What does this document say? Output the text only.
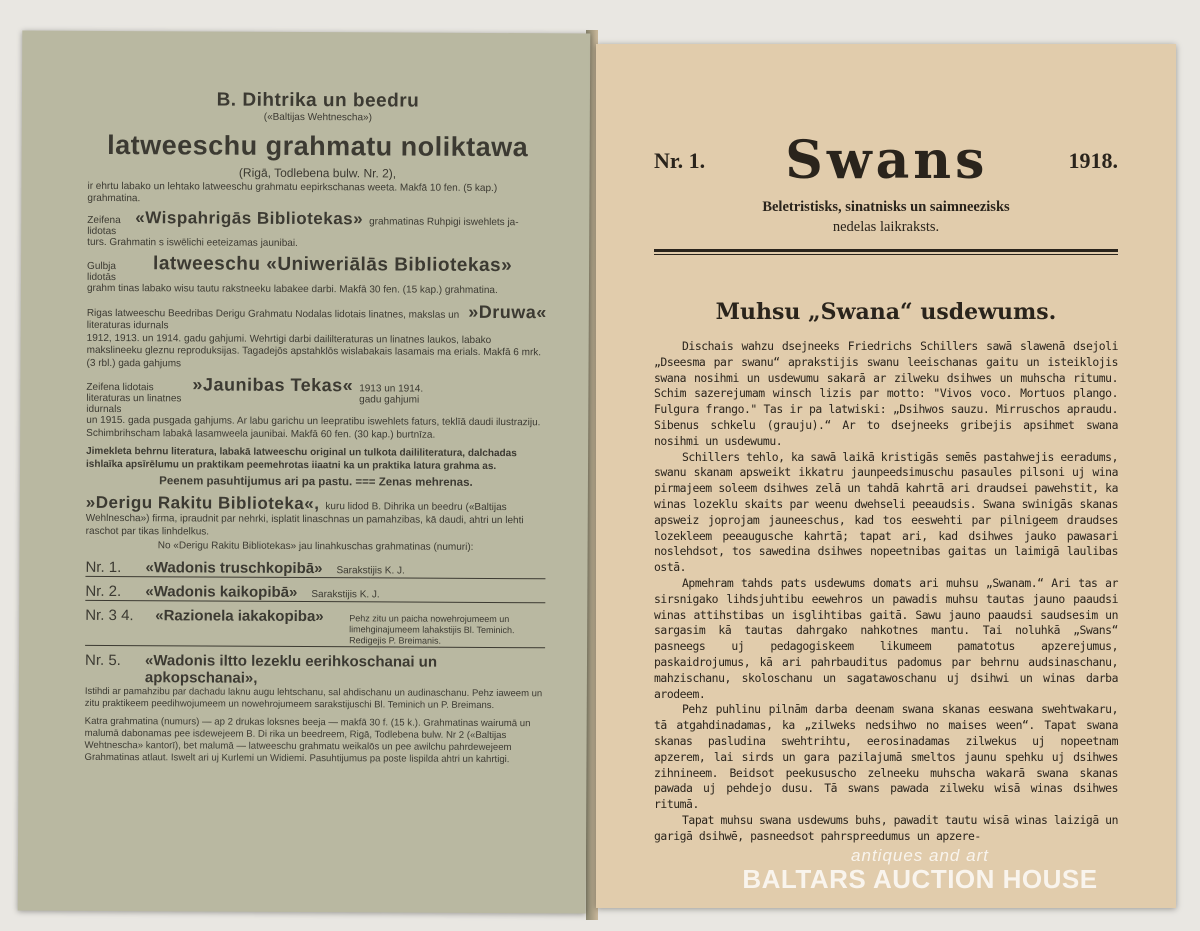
B. Dihtrika un beedru
(«Baltijas Wehtnescha»)
latweeschu grahmatu noliktawa
(Rigā, Todlebena bulw. Nr. 2),
ir ehrtu labako un lehtako latweeschu grahmatu eepirkschanas weeta. Makfā 10 fen. (5 kap.) grahmatina.
Zeifena lidotas
«Wispahrigās Bibliotekas» grahmatinas Ruhpigi iswehlets ja-
turs. Grahmatin s iswēlichi eeteizamas jaunibai.
Gulbja lidotās
latweeschu «Uniweriālās Bibliotekas»
grahm tinas labako wisu tautu rakstneeku labakee darbi. Makfā 30 fen. (15 kap.) grahmatina.
Rigas latweeschu Beedribas Derigu Grahmatu Nodalas lidotais linatnes, makslas un literaturas idurnals
»Druwa«
1912, 1913. un 1914. gadu gahjumi. Wehrtigi darbi daililteraturas un linatnes laukos, labako makslineeku gleznu reproduksijas. Tagadejōs apstahklōs wislabakais lasamais ma erials. Makfā 6 mrk. (3 rbl.) gada gahjums
Zeifena lidotais literaturas un linatnes idurnals
»Jaunibas Tekas« 1913 un 1914. gadu gahjumi
un 1915. gada pusgada gahjums. Ar labu garichu un leepratibu iswehlets faturs, teklīā daudi ilustraziju. Schimbrihscham labakā lasamweela jaunibai. Makfā 60 fen. (30 kap.) burtnīza.
Jimekleta behrnu literatura, labakā latweeschu original un tulkota daililiteratura, dalchadas ishlaīka apsīrēlumu un praktikam peemehrotas iiaatni ka un praktika latura grahma as.
Peenem pasuhtijumus ari pa pastu. === Zenas mehrenas.
»Derigu Rakitu Biblioteka«, kuru lidod B. Dihrika un beedru («Baltijas
Wehlnescha») firma, ipraudnit par nehrki, isplatit linaschnas un pamahzibas, kā daudi, ahtri un lehti raschot par tikas linhdelkus.
No «Derigu Rakitu Bibliotekas» jau linahkuschas grahmatinas (numuri):
Nr. 1.	«Wadonis truschkopibā» Sarakstijis K. J.
Nr. 2.	«Wadonis kaikopibā» Sarakstijis K. J.
Nr. 3 4.	«Razionela iakakopiba»	Pehz zitu un paicha nowehrojumeem un limehginajumeem lahakstijis Bl. Teminich. Redigejis P. Breimanis.
Nr. 5.	«Wadonis iltto lezeklu eerihkoschanai un apkopschanai»,
Istihdi ar pamahzibu par dachadu laknu augu lehtschanu, sal ahdischanu un audinaschanu. Pehz iaweem un zitu praktikeem peedihwojumeem un nowehrojumeem sarakstijuschi Bl. Teminich un P. Breimans.
Katra grahmatina (numurs) — ap 2 drukas loksnes beeja — makfā 30 f. (15 k.). Grahmatinas wairumā un malumā dabonamas pee isdewejeem B. Di rika un beedreem, Rigā, Todlebena bulw. Nr 2 («Baltijas Wehtnescha» kantorī), bet malumā — latweeschu grahmatu weikalōs un pee awilchu pahrdewejeem Grahmatinas atlaut. Iswelt ari uj Kurlemi un Widiemi. Pasuhtijumus pa poste lispilda ahtri un kahrtigi.
Nr. 1. Swans	1918.
Beletristisks, sinatnisks un saimneezisks
nedelas laikraksts.
Muhsu „Swana“ usdewums.

Dischais wahzu dsejneeks Friedrichs Schillers sawā slawenā dsejoli „Dseesma par swanu“ aprakstijis swanu leeischanas gaitu un isteiklojis swana nosihmi un usdewumu sakarā ar zilweku dsihwes un muhscha ritumu. Schim sazerejumam winsch lizis par motto: "Vivos voco. Mortuos plango. Fulgura frango." Tas ir pa latwiski: „Dsihwos sauzu. Mirruschos apraudu. Sibenus schkelu (grauju).“ Ar to dsejneeks gribejis apsihmet swana nosihmi un usdewumu.

Schillers tehlo, ka sawā laikā kristigās semēs pastahwejis eeradums, swanu skanam apsweikt ikkatru jaunpeedsimuschu pasaules pilsoni uj wina pirmajeem soleem dsihwes zelā un tahdā kahrtā ari draudsei pawehstit, ka winas lozeklu skaits par weenu dwehseli peeaudsis. Swana swinigās skanas apsweiz joprojam jauneeschus, kad tos eeswehti par pilnigeem draudses lozekleem peeaugusche kahrtā; tapat ari, kad dsihwes jauko pawasari noslehdsot, tos sawedina dsihwes nopeetnibas gaitas un laimigā laulibas ostā.

Apmehram tahds pats usdewums domats ari muhsu „Swanam.“ Ari tas ar sirsnigako lihdsjuhtibu eewehros un pawadis muhsu tautas jauno paaudsi winas attihstibas un isglihtibas gaitā. Sawu jauno paaudsi saudsesim un sargasim kā tautas dahrgako nahkotnes mantu. Tai noluhkā „Swans“ pasneegs uj pedagogiskeem likumeem pamatotus apzerejumus, paskaidrojumus, kā ari pahrbauditus padomus par behrnu audsinaschanu, mahzischanu, skoloschanu un sagatawoschanu uj dsihwi un winas darba arodeem.

Pehz puhlinu pilnām darba deenam swana skanas eeswana swehtwakaru, tā atgahdinadamas, ka „zilweks nedsihwo no maises ween“. Tapat swana skanas pasludina swehtrihtu, eerosinadamas zilwekus uj nopeetnam apzerem, lai sirds un gara pazilajumā smeltos jaunu spehku uj dsihwes zihnineem. Beidsot peekususcho zelneeku muhscha wakarā swana skanas pawada uj pehdejo dusu. Tā swans pawada zilweku wisā winas dsihwes ritumā.

Tapat muhsu swana usdewums buhs, pawadit tautu wisā winas laizigā un garigā dsihwē, pasneedsot pahrspreedumus un apzere-

antiques and art
BALTARS AUCTION HOUSE
